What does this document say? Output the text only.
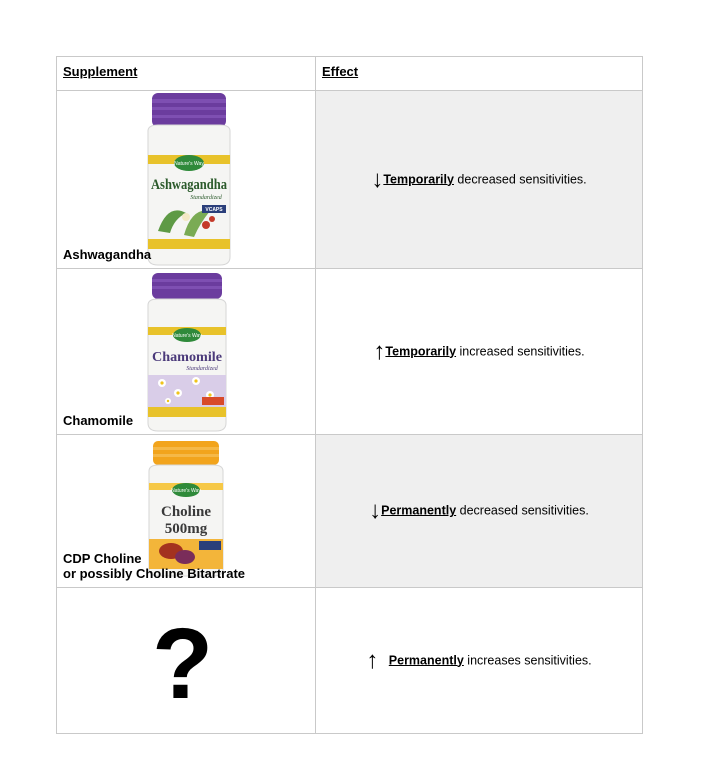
Supplement	Effect

Nature's Way
Ashwagandha
Standardized
VCAPS
Ashwagandha	↓Temporarily decreased sensitivities.

Nature's Way
Chamomile
Standardized
Chamomile	↑Temporarily increased sensitivities.

Nature's Way
Choline
500mg
CDP Choline
or possibly Choline Bitartrate	↓Permanently decreased sensitivities.

?	↑ Permanently increases sensitivities.
